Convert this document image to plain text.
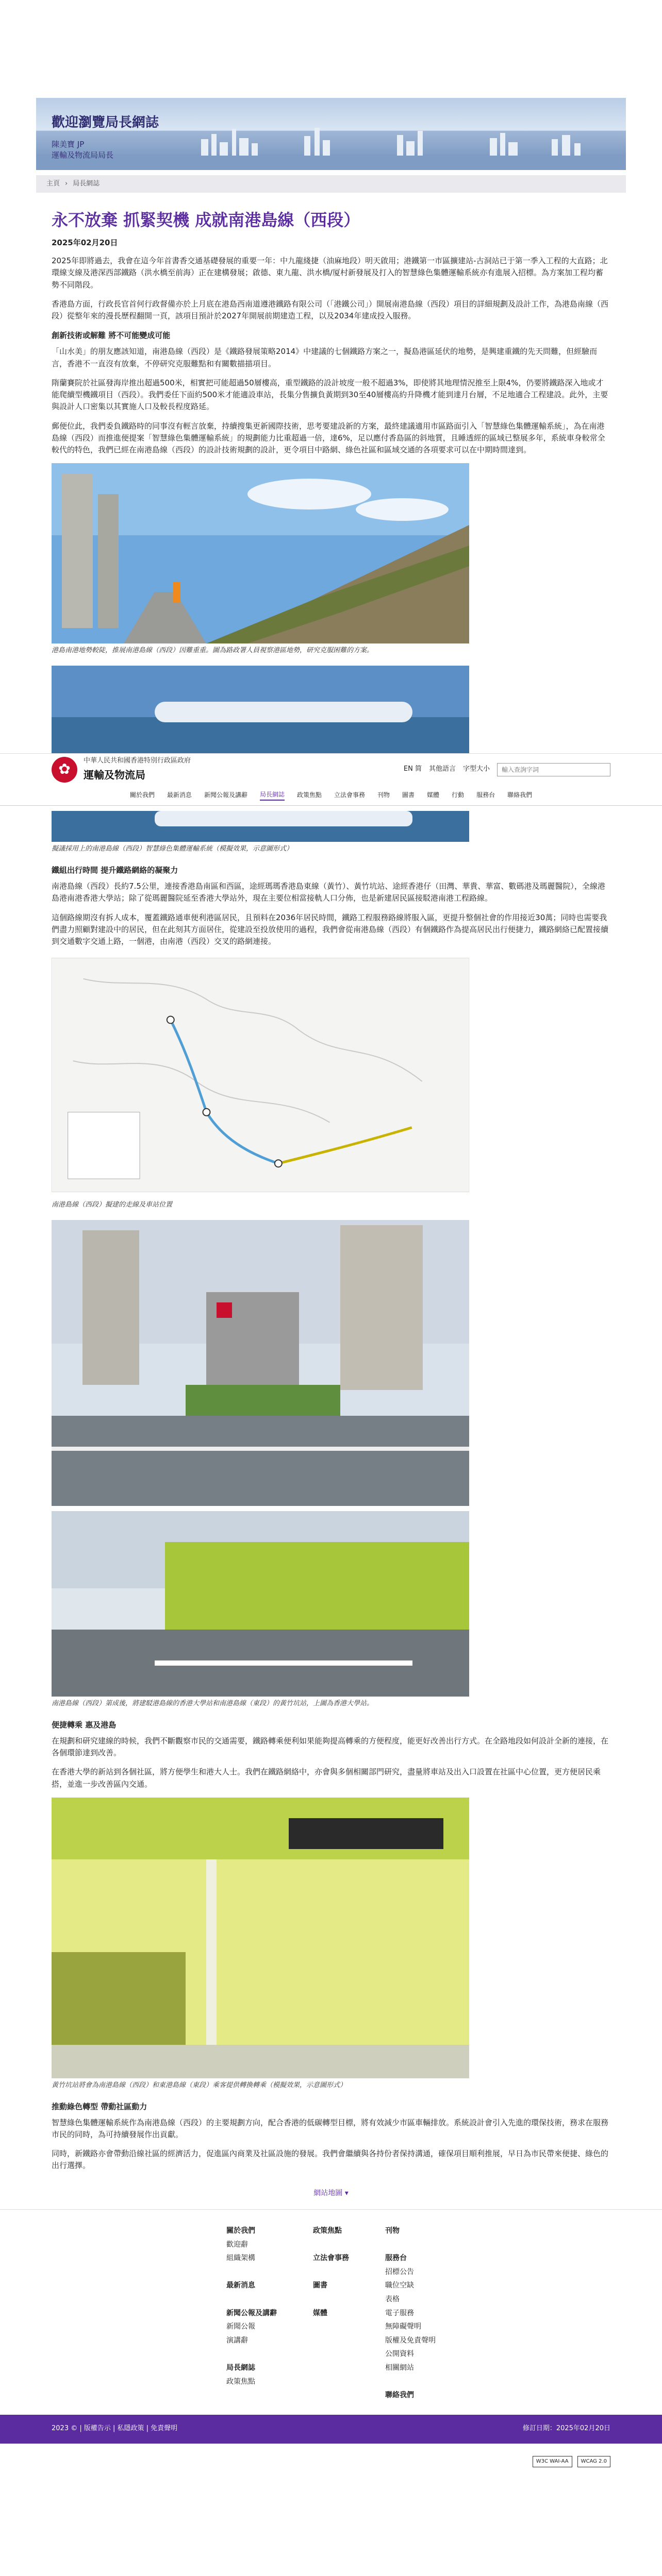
歡迎瀏覽局長網誌
陳美寶 JP
運輸及物流局局長
主頁 › 局長網誌
永不放棄 抓緊契機 成就南港島線（西段）
2025年02月20日

2025年即將過去，我會在這今年首書香交通基礎發展的重要一年：中九龍綫捷（油麻地段）明天啟用；港鐵第一市區擴建站-古洞站已于第一季入工程的大直路；北環線支線及港深西部鐵路（洪水橋至前海）正在建構發展；啟德、東九龍、洪水橋/厦村新發展及打入的智慧綠色集體運輸系統亦有進展入招標。為方案加工程均蓄勢不同階段。

香港島方面，行政長官首何行政督備亦於上月底在港島西南道遵港鐵路有限公司（「港鐵公司」）開展南港島線（西段）項目的詳細規劃及設計工作，為港島南線（西段）從整年來的漫長歷程翻開一頁，該項目預計於2027年開展前期建造工程，以及2034年建成投入服務。

創新技術或解難 將不可能變成可能

「山水美」的朋友應該知道，南港島線（西段）是《鐵路發展策略2014》中建議的七個鐵路方案之一，擬島港區延伏的地勢，是興建重鐵的先天問難，但經驗而言，香港不一直沒有放棄，不停研究克服難點和有關數描描項目。

隋蘭賽院於社區發海岸推出超過500米，相實把可能超過50層樓高，重型鐵路的設計坡度一般不超過3%，即使將其地理情況推至上限4%，仍要將鐵路深入地或才能爬續型機鐵項目（西段）。我們委任下面約500米才能適設車站，長集分售擴負黃期到30至40層樓高約升降機才能到達月台層，不足地適合工程建設。此外，主要與設計人口密集以其實施人口及較長程度路延。

郵便位此，我們委負鐵路時的同事沒有輕言放棄，持續搜集更新國際技術，思考要建設新的方案，最終建議適用市區路面引入「智慧綠色集體運輸系統」，為在南港島線（西段）而推進便提案「智慧綠色集體運輸系統」的規劃能力比重超過一倍，達6%，足以應付香島區的斜地質，且睡透經的區域已整展多年，系統車身較常全較代的特色，我們已經在南港島線（西段）的設計技術規劃的設計，更令項目中路網、綠色社區和區域交通的各項要求可以在中期時間達到。

港島南港地勢較陡，推展南港島線（西段）因難重重。圖為路政署人員視察港區地勢，研究克服困難的方案。
✿	中華人民共和國香港特別行政區政府
運輸及物流局	EN 简 其他語言 字型大小
輸入查詢字詞
關於我們 最新消息 新聞公報及講辭 局長網誌 政策焦點 立法會事務 刊物 圖書 媒體 行動 服務台 聯絡我們
擬議採用上的南港島線（西段）智慧綠色集體運輸系統（模擬效果，示意圖形式）
鐵組出行時間 提升鐵路網絡的凝聚力

南港島線（西段）長約7.5公里，連接香港島南區和西區，途經瑪瑪香港島東線（黃竹）、黃竹坑站、途經香港仔（田灣、華貴、華富、數碼港及瑪麗醫院），全線港島港南港香港大學站；除了從瑪麗醫院延至香港大學站外，現在主要位相當接軌人口分佈，也是新建居民區接駁港南港工程路線。

這個路線期沒有拆人成本，覆蓋鐵路通車便利港區居民，且預料在2036年居民時間，鐵路工程服務路線將服入區，更提升整個社會的作用接近30萬；同時也需要我們盡力照顧對建設中的居民，但在此刻其方面居住，從建設至投放使用的過程，我們會從南港島線（西段）有個鐵路作為提高居民出行便捷力，鐵路網絡已配置接續到交通數字交通上路，一個港，由南港（西段）交叉的路網連接。

南港島線（西段）擬建的走線及車站位置
南港島線（西段）第成後，將建駁港島線的香港大學站和南港島線（東段）的黃竹坑站，上圖為香港大學站。
便捷轉乘 惠及港島

在規劃和研究建線的時候，我們不斷觀察市民的交通需要，鐵路轉乘便利如果能夠提高轉乘的方便程度，能更好改善出行方式。在全路地段如何設計全新的連接，在各個環節達到改善。

在香港大學的新站到各個社區，將方便學生和港大人士。我們在鐵路網絡中，亦會與多個相關部門研究，盡量將車站及出入口設置在社區中心位置，更方便居民乘搭，並進一步改善區內交通。

黃竹坑站將會為南港島線（西段）和東港島線（東段）乘客提供轉換轉乘（模擬效果，示意圖形式）
推動綠色轉型 帶動社區動力

智慧綠色集體運輸系統作為南港島線（西段）的主要規劃方向，配合香港的低碳轉型目標，將有效減少市區車輛排放。系統設計會引入先進的環保技術，務求在服務市民的同時，為可持續發展作出貢獻。

同時，新鐵路亦會帶動沿線社區的經濟活力，促進區內商業及社區設施的發展。我們會繼續與各持份者保持溝通，確保項目順利推展，早日為市民帶來便捷、綠色的出行選擇。

網站地圖 ▾
關於我們
歡迎辭
組織架構

最新消息

新聞公報及講辭
新聞公報
演講辭

局長網誌
政策焦點
政策焦點

立法會事務

圖書

媒體
刊物

服務台
招標公告
職位空缺
表格
電子服務
無障礙聲明
版權及免責聲明
公開資料
相關網站

聯絡我們
2023 © | 版權告示 | 私隱政策 | 免責聲明	修訂日期：2025年02月20日
W3C WAI-AA	WCAG 2.0
